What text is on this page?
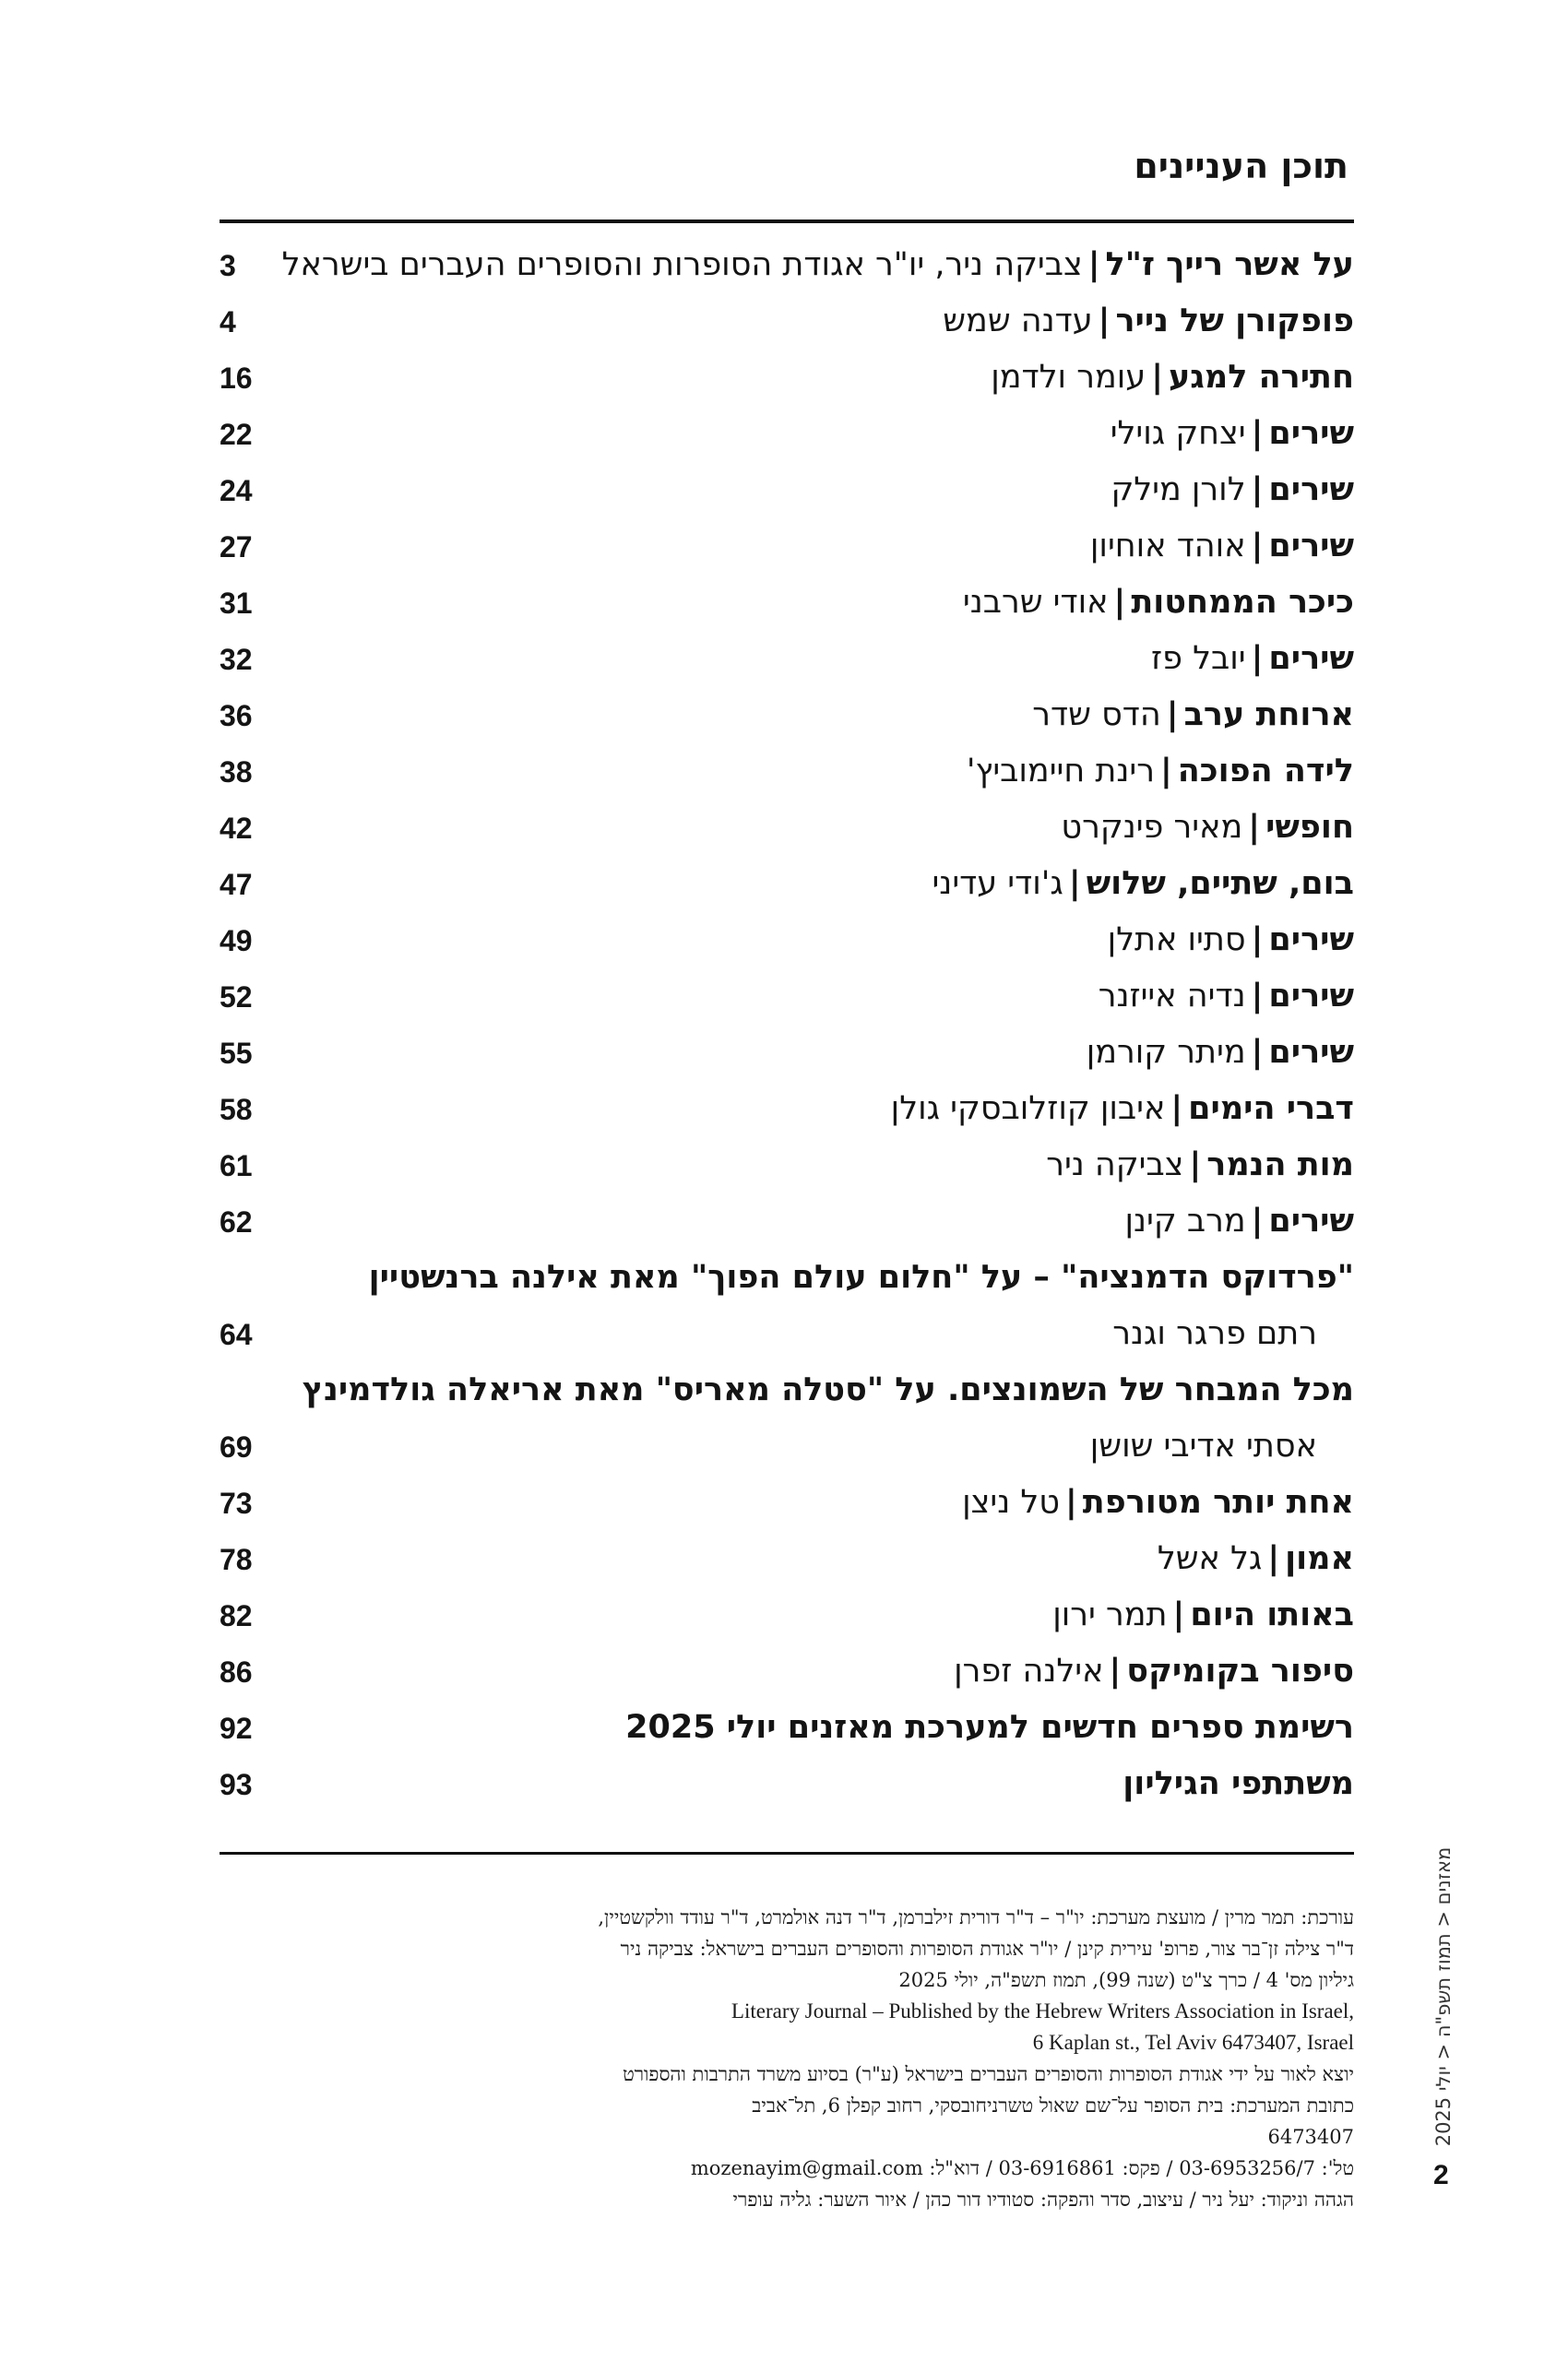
תוכן העניינים
על אשר רייך ז"ל|צביקה ניר, יו"ר אגודת הסופרות והסופרים העברים בישראל
3
פופקורן של נייר|עדנה שמש
4
חתירה למגע|עומר ולדמן
16
שירים|יצחק גוילי
22
שירים|לורן מילק
24
שירים|אוהד אוחיון
27
כיכר הממחטות|אודי שרבני
31
שירים|יובל פז
32
ארוחת ערב|הדס שדר
36
לידה הפוכה|רינת חיימוביץ'
38
חופשי|מאיר פינקרט
42
בום, שתיים, שלוש|ג'ודי עדיני
47
שירים|סתיו אתלן
49
שירים|נדיה אייזנר
52
שירים|מיתר קורמן
55
דברי הימים|איבון קוזלובסקי גולן
58
מות הנמר|צביקה ניר
61
שירים|מרב קינן
62
"פרדוקס הדמנציה" – על "חלום עולם הפוך" מאת אילנה ברנשטיין
רתם פרגר וגנר
64
מכל המבחר של השמונצים. על "סטלה מאריס" מאת אריאלה גולדמינץ
אסתי אדיבי שושן
69
אחת יותר מטורפת|טל ניצן
73
אמון|גל אשל
78
באותו היום|תמר ירון
82
סיפור בקומיקס|אילנה זפרן
86
רשימת ספרים חדשים למערכת מאזנים יולי 2025
92
משתתפי הגיליון
93
עורכת: תמר מרין / מועצת מערכת: יו"ר – ד"ר דורית זילברמן, ד"ר דנה אולמרט, ד"ר עודד וולקשטיין,
ד"ר צילה זן־בר צור, פרופ' עירית קינן / יו"ר אגודת הסופרות והסופרים העברים בישראל: צביקה ניר
גיליון מס' 4 / כרך צ"ט (שנה 99), תמוז תשפ"ה, יולי 2025
Literary Journal – Published by the Hebrew Writers Association in Israel,
6 Kaplan st., Tel Aviv 6473407, Israel
יוצא לאור על ידי אגודת הסופרות והסופרים העברים בישראל (ע"ר) בסיוע משרד התרבות והספורט
כתובת המערכת: בית הסופר על־שם שאול טשרניחובסקי, רחוב קפלן 6, תל־אביב
6473407
טל': 03-6953256/7 / פקס: 03-6916861 / דוא"ל: mozenayim@gmail.com
הגהה וניקוד: יעל ניר / עיצוב, סדר והפקה: סטודיו דור כהן / איור השער: גליה עופרי
מאזנים < תמוז תשפ"ה < יולי 2025
2
